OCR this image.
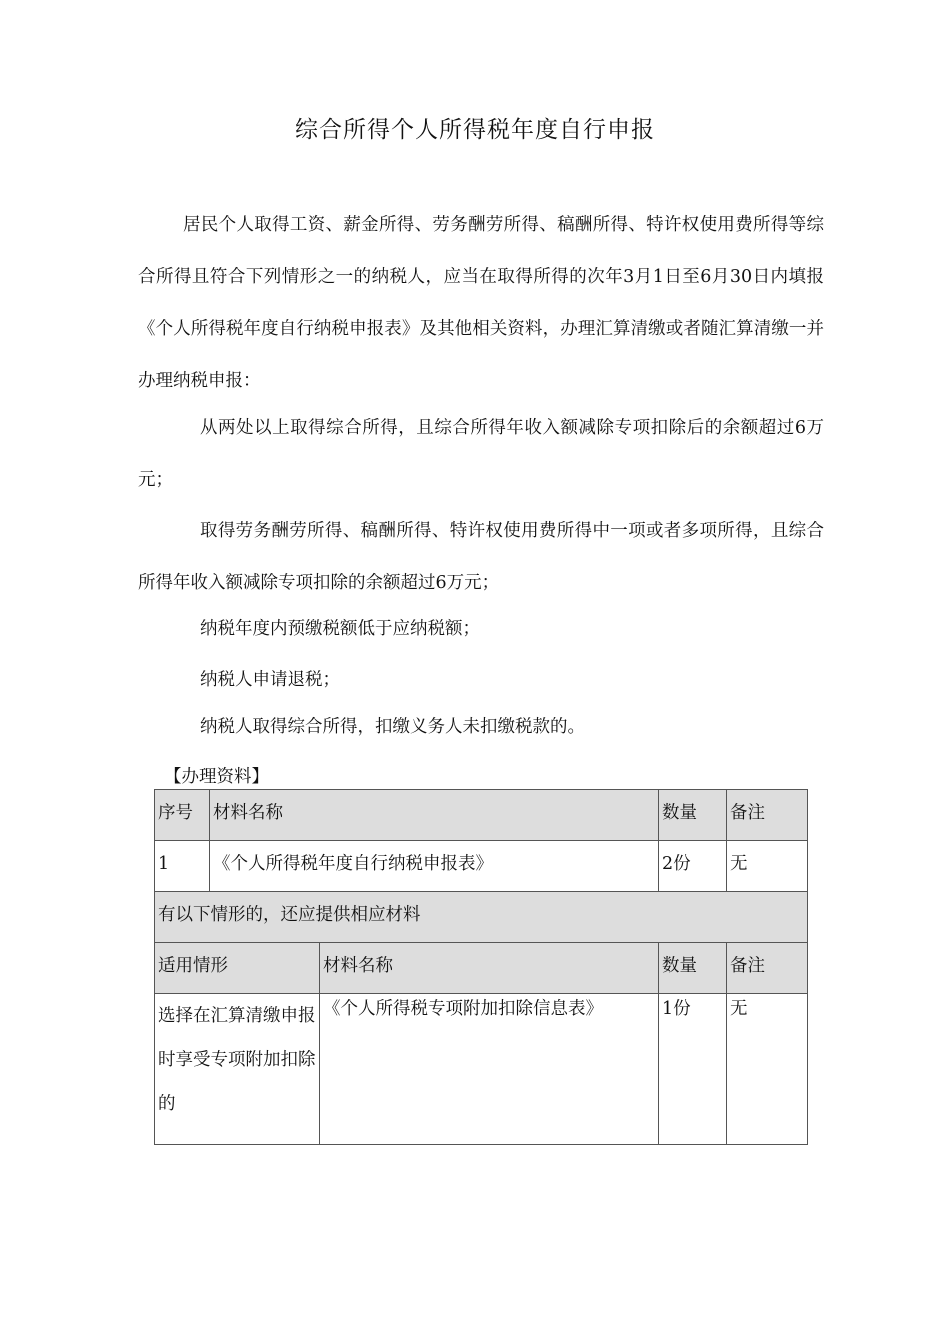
综合所得个人所得税年度自行申报

居民个人取得工资、薪金所得、劳务酬劳所得、稿酬所得、特许权使用费所得等综合所得且符合下列情形之一的纳税人，应当在取得所得的次年3月1日至6月30日内填报《个人所得税年度自行纳税申报表》及其他相关资料，办理汇算清缴或者随汇算清缴一并办理纳税申报：

从两处以上取得综合所得，且综合所得年收入额减除专项扣除后的余额超过6万元；

取得劳务酬劳所得、稿酬所得、特许权使用费所得中一项或者多项所得，且综合所得年收入额减除专项扣除的余额超过6万元；

纳税年度内预缴税额低于应纳税额；
纳税人申请退税；
纳税人取得综合所得，扣缴义务人未扣缴税款的。
【办理资料】
序号	材料名称		数量	备注
1	《个人所得税年度自行纳税申报表》		2份	无
有以下情形的，还应提供相应材料				
适用情形		材料名称	数量	备注

选择在汇算清缴申报时享受专项附加扣除的		《个人所得税专项附加扣除信息表》	1份	无
